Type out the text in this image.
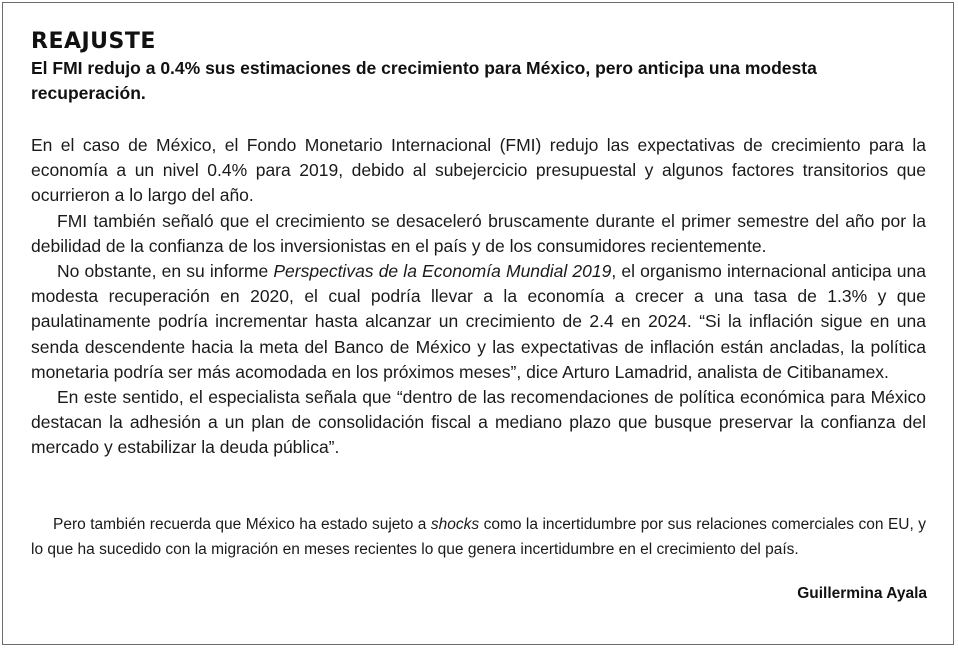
REAJUSTE

El FMI redujo a 0.4% sus estimaciones de crecimiento para México, pero anticipa una modesta recuperación.

En el caso de México, el Fondo Monetario Internacional (FMI) redujo las expectativas de crecimiento para la economía a un nivel 0.4% para 2019, debido al subejercicio presupuestal y algunos factores transitorios que ocurrieron a lo largo del año.

FMI también señaló que el crecimiento se desaceleró bruscamente durante el primer semestre del año por la debilidad de la confianza de los inversionistas en el país y de los consumidores recientemente.

No obstante, en su informe Perspectivas de la Economía Mundial 2019, el organismo internacional anticipa una modesta recuperación en 2020, el cual podría llevar a la economía a crecer a una tasa de 1.3% y que paulatinamente podría incrementar hasta alcanzar un crecimiento de 2.4 en 2024. “Si la inflación sigue en una senda descendente hacia la meta del Banco de México y las expectativas de inflación están ancladas, la política monetaria podría ser más acomodada en los próximos meses”, dice Arturo Lamadrid, analista de Citibanamex.

En este sentido, el especialista señala que “dentro de las recomendaciones de política económica para México destacan la adhesión a un plan de consolidación fiscal a mediano plazo que busque preservar la confianza del mercado y estabilizar la deuda pública”.

Pero también recuerda que México ha estado sujeto a shocks como la incertidumbre por sus relaciones comerciales con EU, y lo que ha sucedido con la migración en meses recientes lo que genera incertidumbre en el crecimiento del país.

Guillermina Ayala
